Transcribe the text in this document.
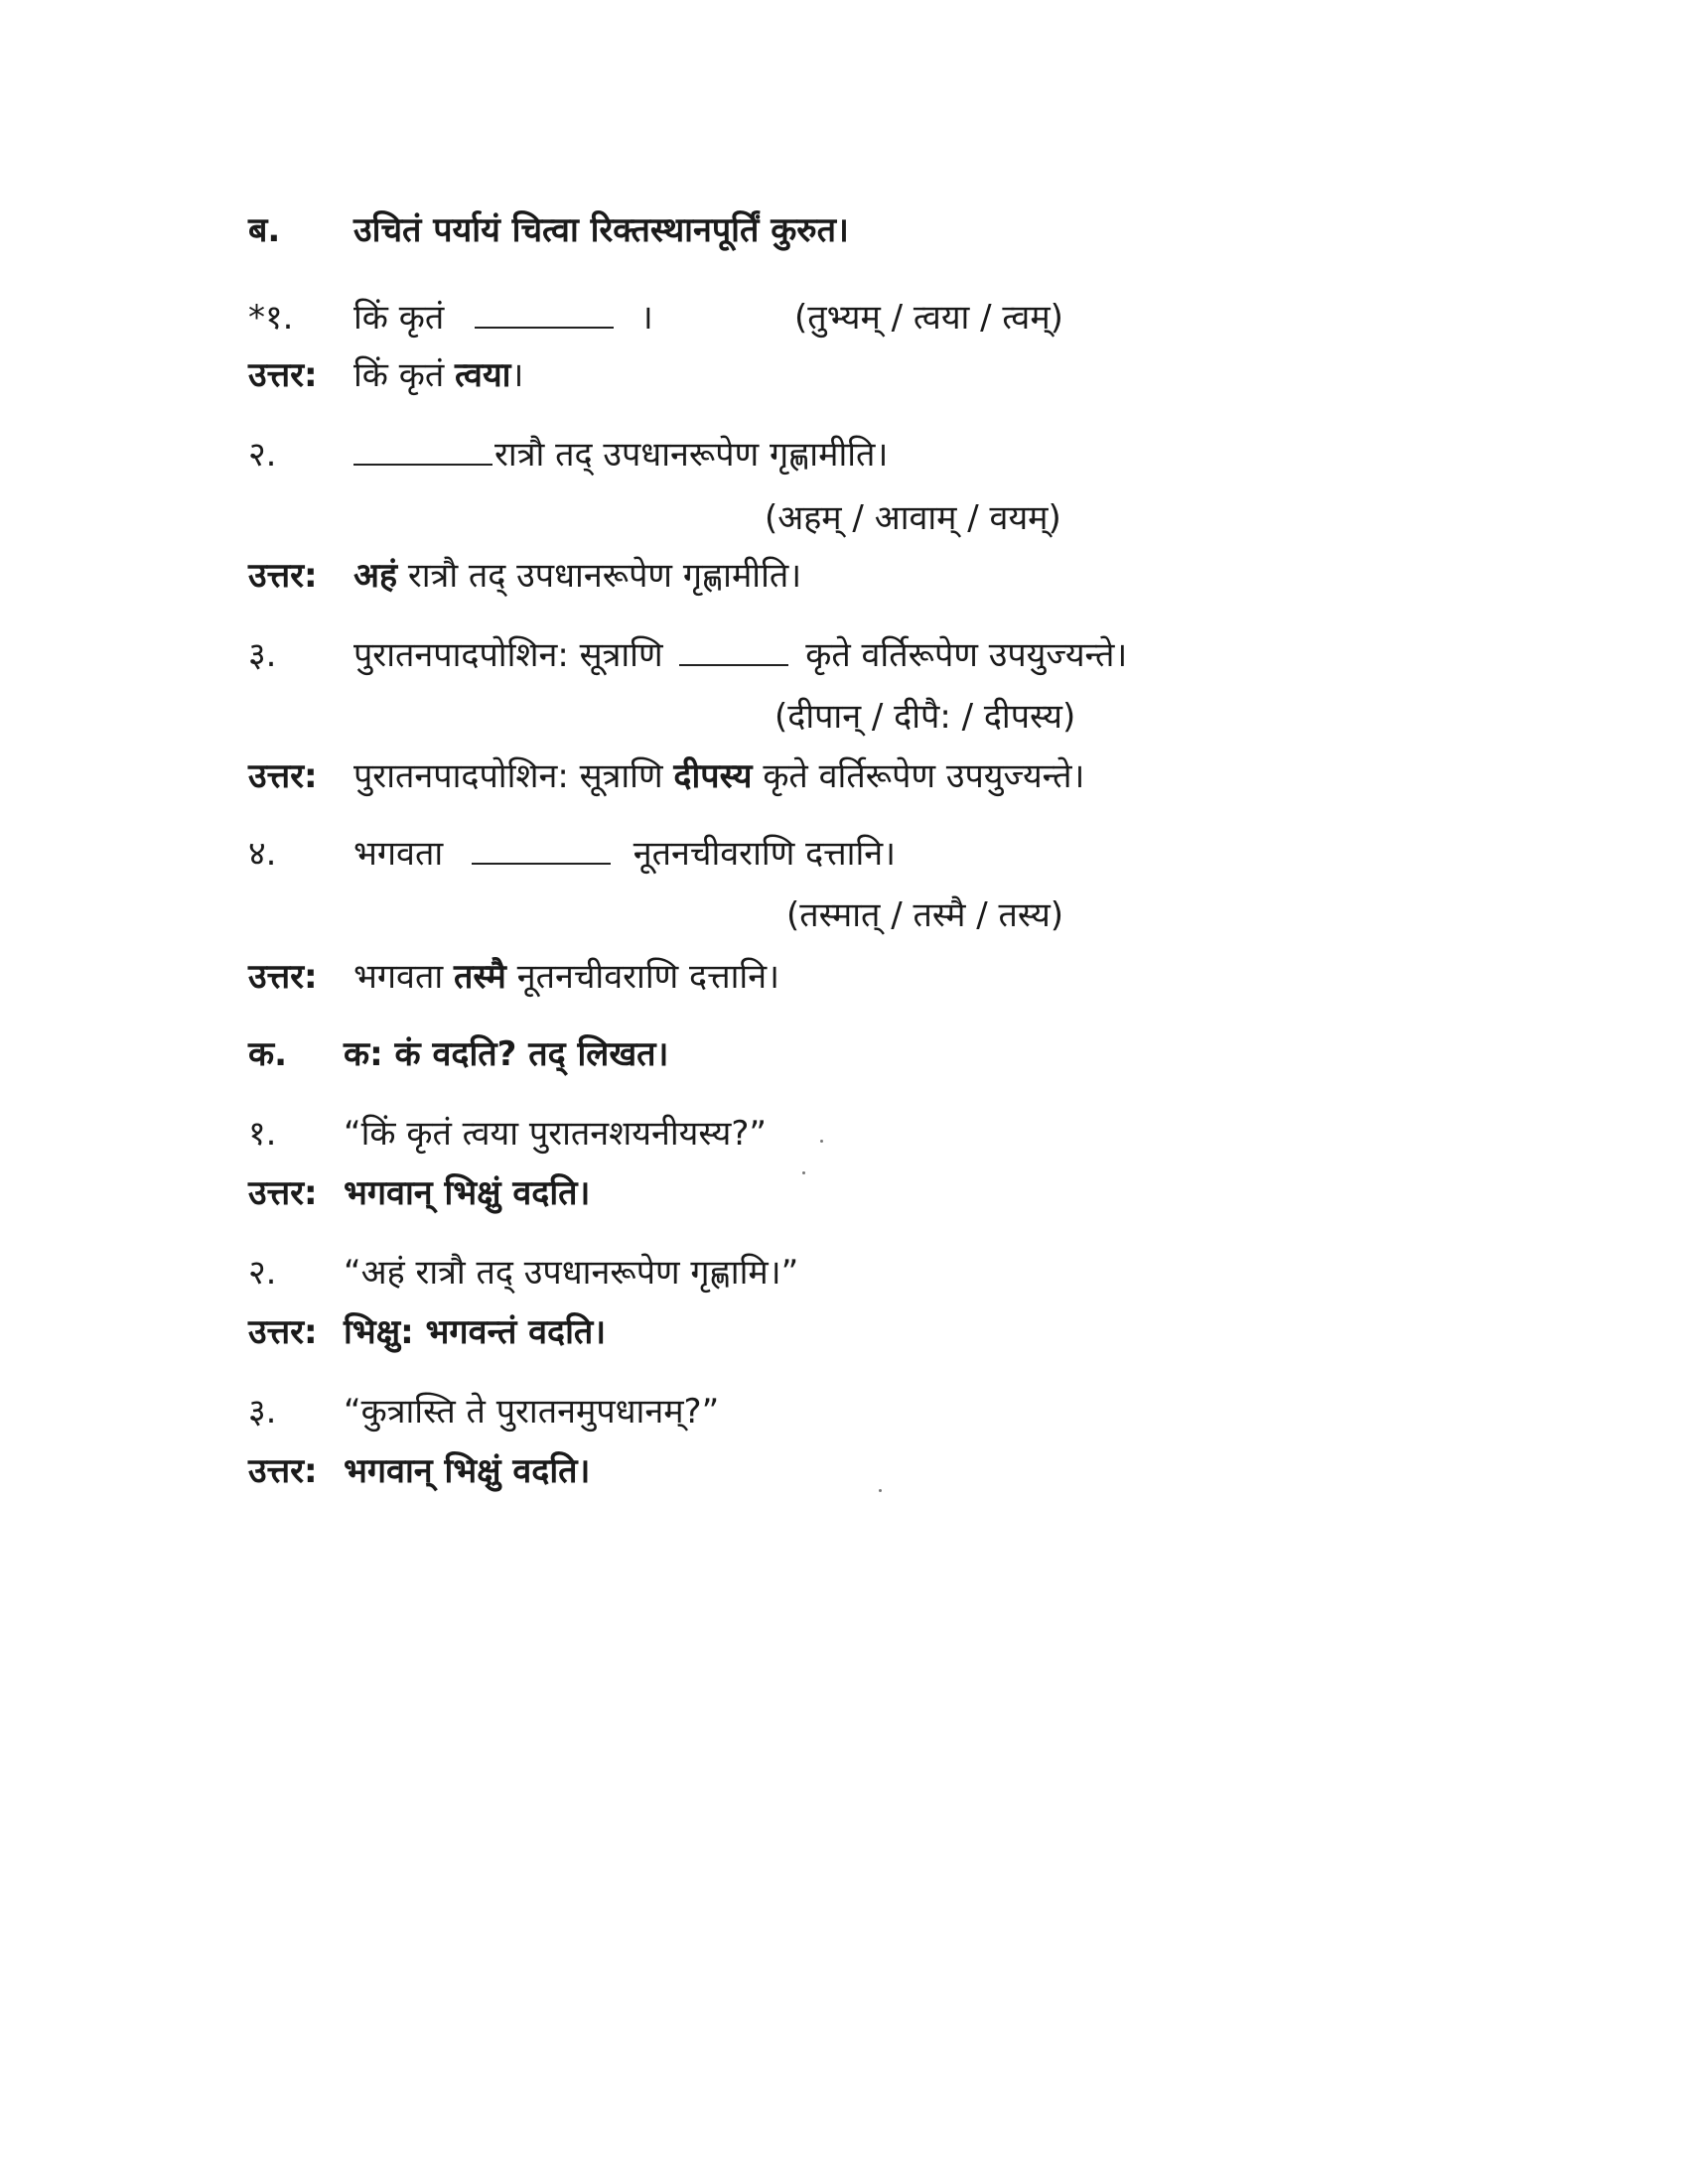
ब. उचितं पर्यायं चित्वा रिक्तस्थानपूर्तिं कुरुत।
*१. किं कृतं	।	(तुभ्यम् / त्वया / त्वम्)
उत्तर: किं कृतं त्वया।
२.	रात्रौ तद् उपधानरूपेण गृह्णामीति।
(अहम् / आवाम् / वयम्)
उत्तर: अहं रात्रौ तद् उपधानरूपेण गृह्णामीति।
३. पुरातनपादपोशिन: सूत्राणि	कृते वर्तिरूपेण उपयुज्यन्ते।
(दीपान् / दीपै: / दीपस्य)
उत्तर: पुरातनपादपोशिन: सूत्राणि दीपस्य कृते वर्तिरूपेण उपयुज्यन्ते।
४. भगवता	नूतनचीवराणि दत्तानि।
(तस्मात् / तस्मै / तस्य)
उत्तर: भगवता तस्मै नूतनचीवराणि दत्तानि।
क. क: कं वदति? तद् लिखत।
१. “किं कृतं त्वया पुरातनशयनीयस्य?”
उत्तर: भगवान् भिक्षुं वदति।
२. “अहं रात्रौ तद् उपधानरूपेण गृह्णामि।”
उत्तर: भिक्षु: भगवन्तं वदति।
३. “कुत्रास्ति ते पुरातनमुपधानम्?”
उत्तर: भगवान् भिक्षुं वदति।
